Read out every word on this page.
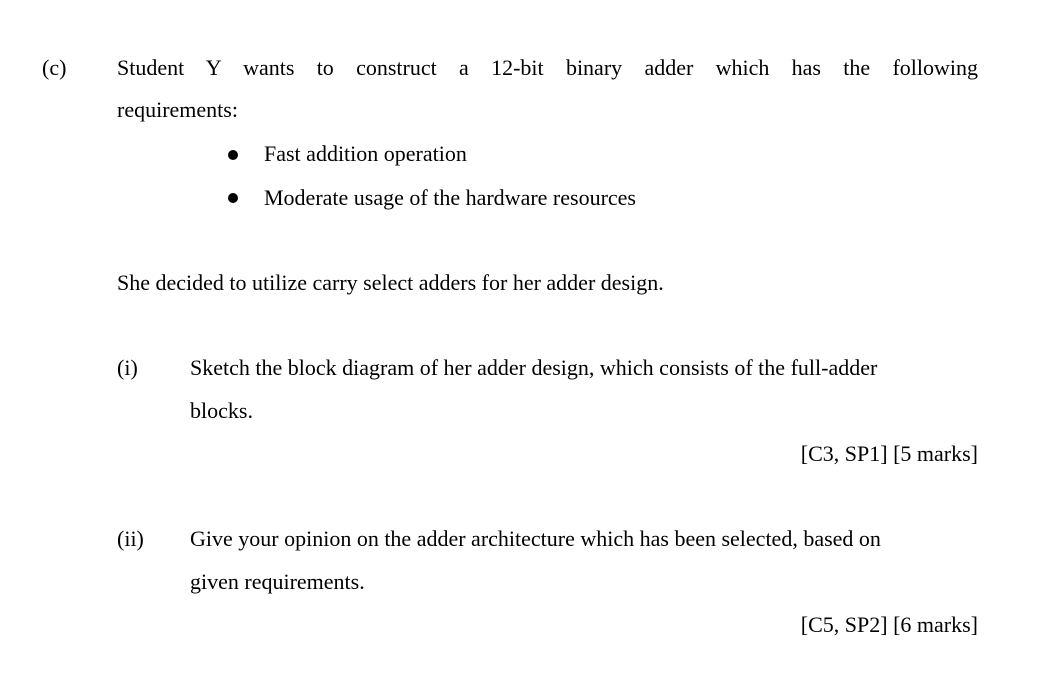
(c) Student Y wants to construct a 12-bit binary adder which has the following
requirements:
Fast addition operation
Moderate usage of the hardware resources
She decided to utilize carry select adders for her adder design.
(i) Sketch the block diagram of her adder design, which consists of the full-adder
blocks.
[C3, SP1] [5 marks]
(ii) Give your opinion on the adder architecture which has been selected, based on
given requirements.
[C5, SP2] [6 marks]
